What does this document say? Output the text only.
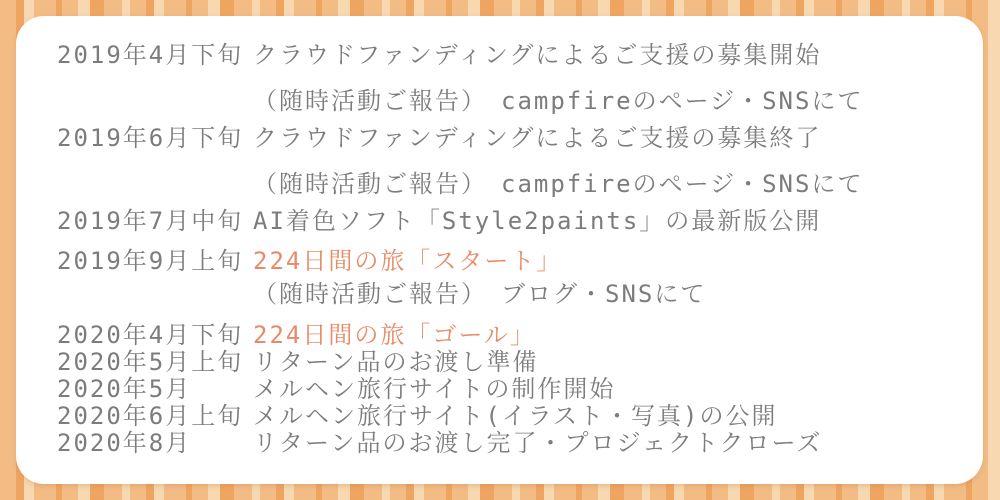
2019年4月下旬 クラウドファンディングによるご支援の募集開始
（随時活動ご報告）　campfireのページ・SNSにて
2019年6月下旬 クラウドファンディングによるご支援の募集終了
（随時活動ご報告）　campfireのページ・SNSにて
2019年7月中旬 AI着色ソフト「Style2paints」の最新版公開
2019年9月上旬 224日間の旅「スタート」
（随時活動ご報告）　ブログ・SNSにて
2020年4月下旬 224日間の旅「ゴール」
2020年5月上旬 リターン品のお渡し準備
2020年5月	メルヘン旅行サイトの制作開始
2020年6月上旬 メルヘン旅行サイト(イラスト・写真)の公開
2020年8月	リターン品のお渡し完了・プロジェクトクローズ
